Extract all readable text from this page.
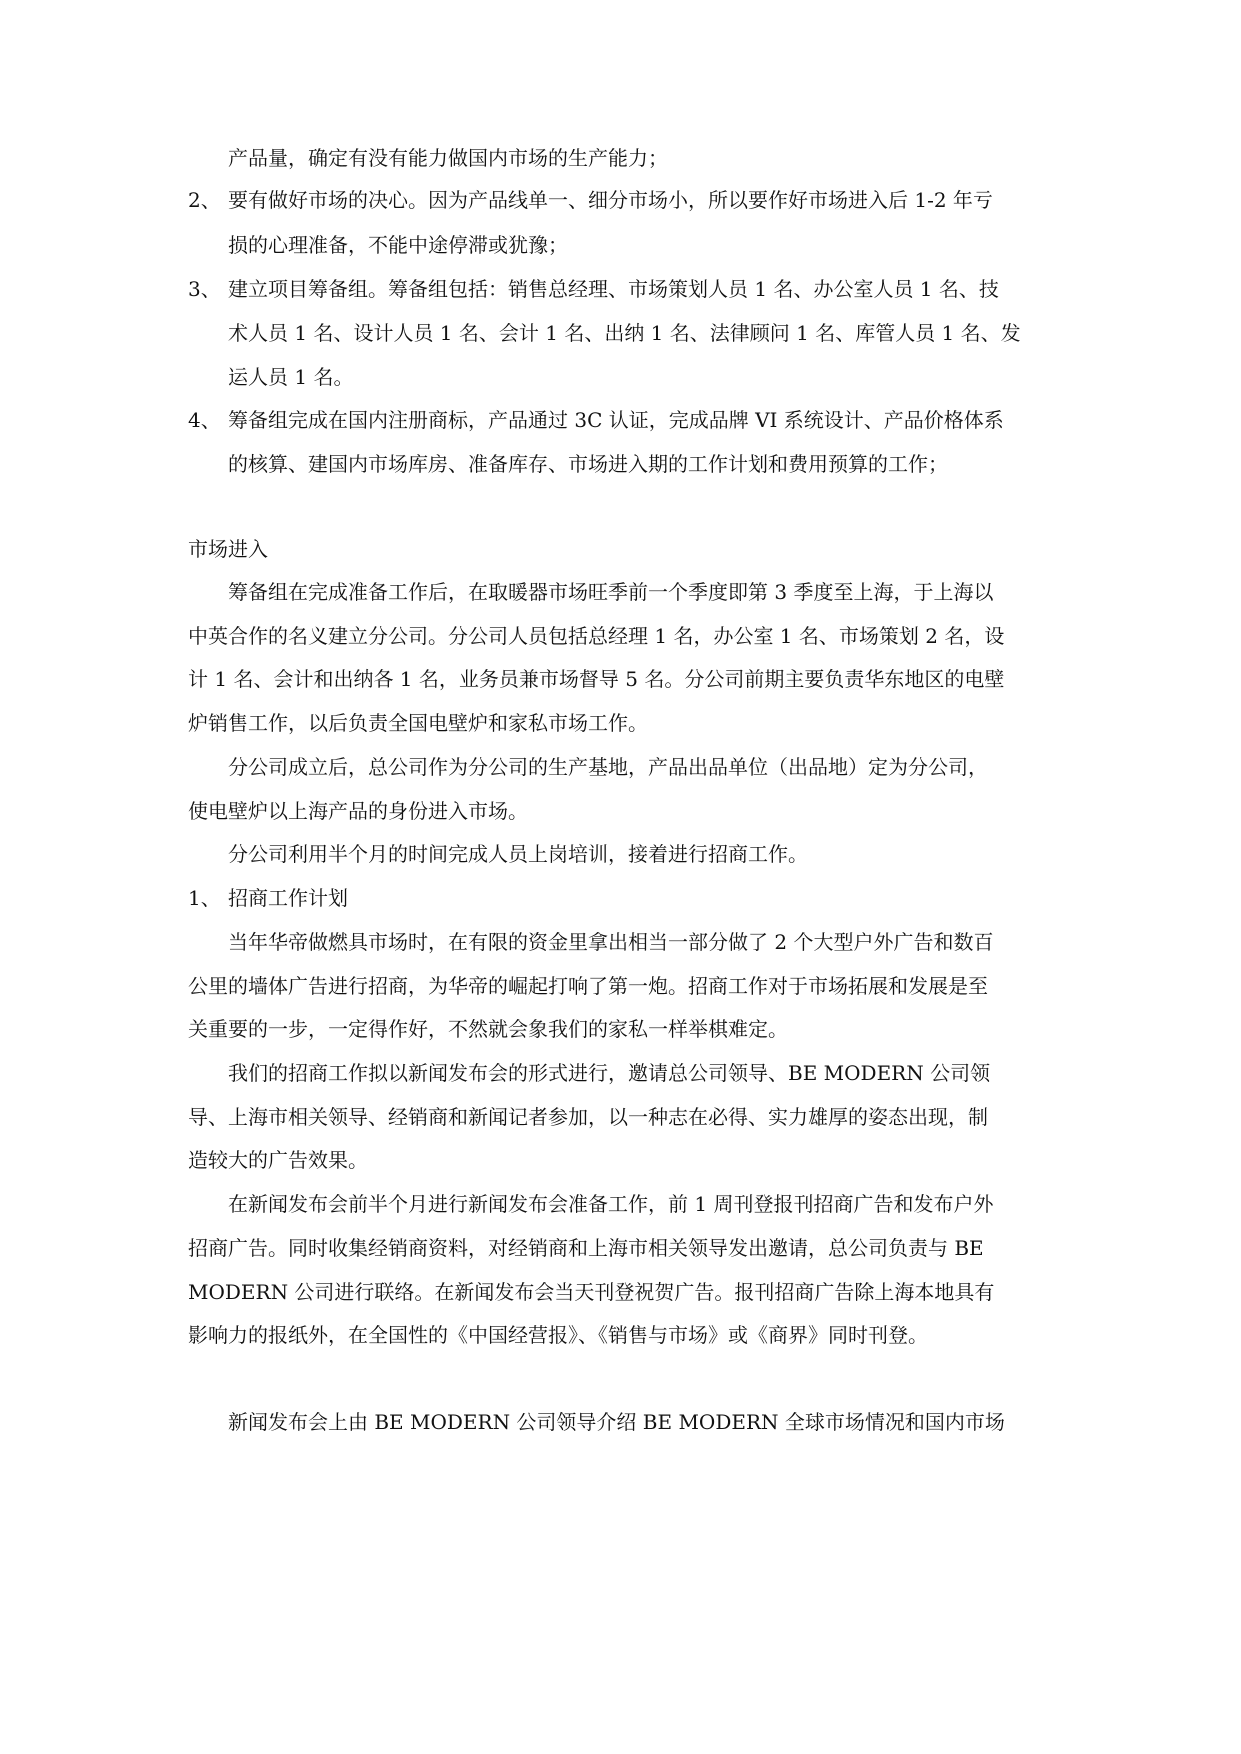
产品量，确定有没有能力做国内市场的生产能力；
2、 要有做好市场的决心。因为产品线单一、细分市场小，所以要作好市场进入后 1-2 年亏
损的心理准备，不能中途停滞或犹豫；
3、 建立项目筹备组。筹备组包括：销售总经理、市场策划人员 1 名、办公室人员 1 名、技
术人员 1 名、设计人员 1 名、会计 1 名、出纳 1 名、法律顾问 1 名、库管人员 1 名、发
运人员 1 名。
4、 筹备组完成在国内注册商标，产品通过 3C 认证，完成品牌 VI 系统设计、产品价格体系
的核算、建国内市场库房、准备库存、市场进入期的工作计划和费用预算的工作；
市场进入
筹备组在完成准备工作后，在取暖器市场旺季前一个季度即第 3 季度至上海，于上海以
中英合作的名义建立分公司。分公司人员包括总经理 1 名，办公室 1 名、市场策划 2 名，设
计 1 名、会计和出纳各 1 名，业务员兼市场督导 5 名。分公司前期主要负责华东地区的电壁
炉销售工作，以后负责全国电壁炉和家私市场工作。
分公司成立后，总公司作为分公司的生产基地，产品出品单位（出品地）定为分公司，
使电壁炉以上海产品的身份进入市场。
分公司利用半个月的时间完成人员上岗培训，接着进行招商工作。
1、 招商工作计划
当年华帝做燃具市场时，在有限的资金里拿出相当一部分做了 2 个大型户外广告和数百
公里的墙体广告进行招商，为华帝的崛起打响了第一炮。招商工作对于市场拓展和发展是至
关重要的一步，一定得作好，不然就会象我们的家私一样举棋难定。
我们的招商工作拟以新闻发布会的形式进行，邀请总公司领导、BE MODERN 公司领
导、上海市相关领导、经销商和新闻记者参加，以一种志在必得、实力雄厚的姿态出现，制
造较大的广告效果。
在新闻发布会前半个月进行新闻发布会准备工作，前 1 周刊登报刊招商广告和发布户外
招商广告。同时收集经销商资料，对经销商和上海市相关领导发出邀请，总公司负责与 BE
MODERN 公司进行联络。在新闻发布会当天刊登祝贺广告。报刊招商广告除上海本地具有
影响力的报纸外，在全国性的《中国经营报》、《销售与市场》或《商界》同时刊登。
新闻发布会上由 BE MODERN 公司领导介绍 BE MODERN 全球市场情况和国内市场
